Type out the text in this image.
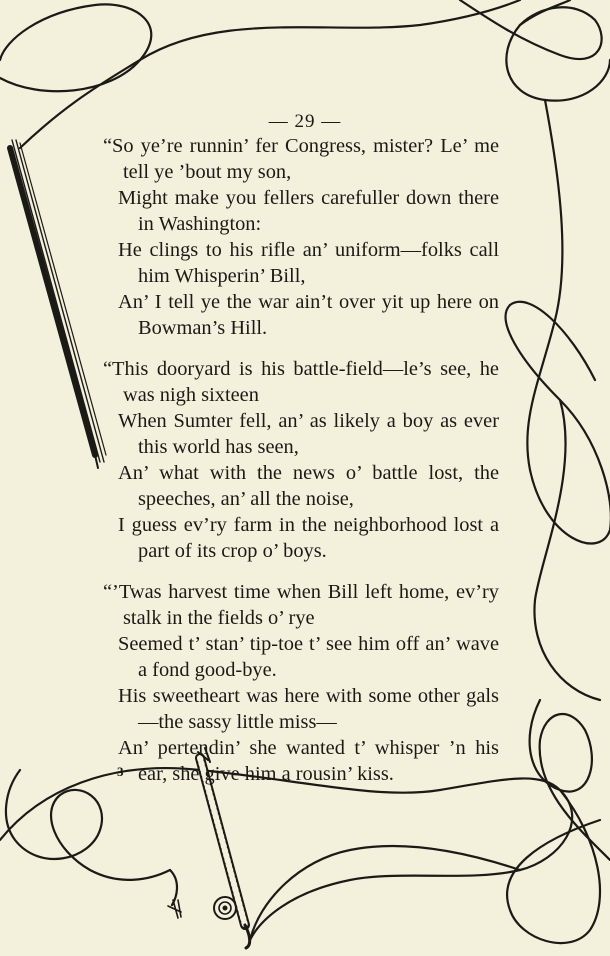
— 29 —
“So ye’re runnin’ fer Congress, mister? Le’ me tell ye ’bout my son,
Might make you fellers carefuller down there in Washington:
He clings to his rifle an’ uniform—folks call him Whisperin’ Bill,
An’ I tell ye the war ain’t over yit up here on Bowman’s Hill.
“This dooryard is his battle-field—le’s see, he was nigh sixteen
When Sumter fell, an’ as likely a boy as ever this world has seen,
An’ what with the news o’ battle lost, the speeches, an’ all the noise,
I guess ev’ry farm in the neighborhood lost a part of its crop o’ boys.
“’Twas harvest time when Bill left home, ev’ry stalk in the fields o’ rye
Seemed t’ stan’ tip-toe t’ see him off an’ wave a fond good-bye.
His sweetheart was here with some other gals—the sassy little miss—
An’ pertendin’ she wanted t’ whisper ’n his ear, she give him a rousin’ kiss.
3
